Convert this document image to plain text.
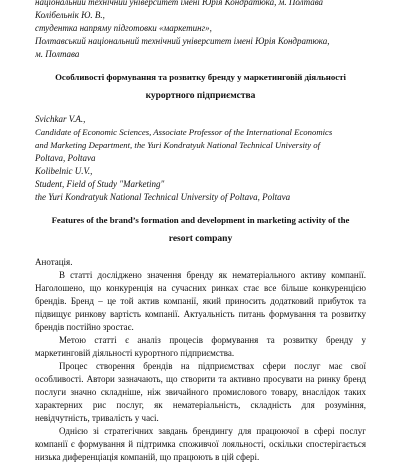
національний технічний університет імені Юрія Кондратюка, м. Полтава
Колібельнік Ю. В.,
студентка напряму підготовки «маркетинг»,
Полтавський національний технічний університет імені Юрія Кондратюка,
м. Полтава
Особливості формування та розвитку бренду у маркетинговій діяльності
курортного підприємства
Svichkar V.A.,
Candidate of Economic Sciences, Associate Professor of the International Economics
and Marketing Department, the Yuri Kondratyuk National Technical University of
Poltava, Poltava
Kolibelnic U.V.,
Student, Field of Study "Marketing"
the Yuri Kondratyuk National Technical University of Poltava, Poltava
Features of the brand’s formation and development in marketing activity of the
resort company
Анотація.
В статті досліджено значення бренду як нематеріального активу компанії. Наголошено, що конкуренція на сучасних ринках стає все більше конкуренцією брендів. Бренд – це той актив компанії, який приносить додатковий прибуток та підвищує ринкову вартість компанії. Актуальність питань формування та розвитку брендів постійно зростає.
Метою статті є аналіз процесів формування та розвитку бренду у маркетинговій діяльності курортного підприємства.
Процес створення брендів на підприємствах сфери послуг має свої особливості. Автори зазначають, що створити та активно просувати на ринку бренд послуги значно складніше, ніж звичайного промислового товару, внаслідок таких характерних рис послуг, як нематеріальність, складність для розуміння, невідчутність, тривалість у часі.
Однією зі стратегічних завдань брендингу для працюючої в сфері послуг компанії є формування й підтримка споживчої лояльності, оскільки спостерігається низька диференціація компаній, що працюють в цій сфері.
